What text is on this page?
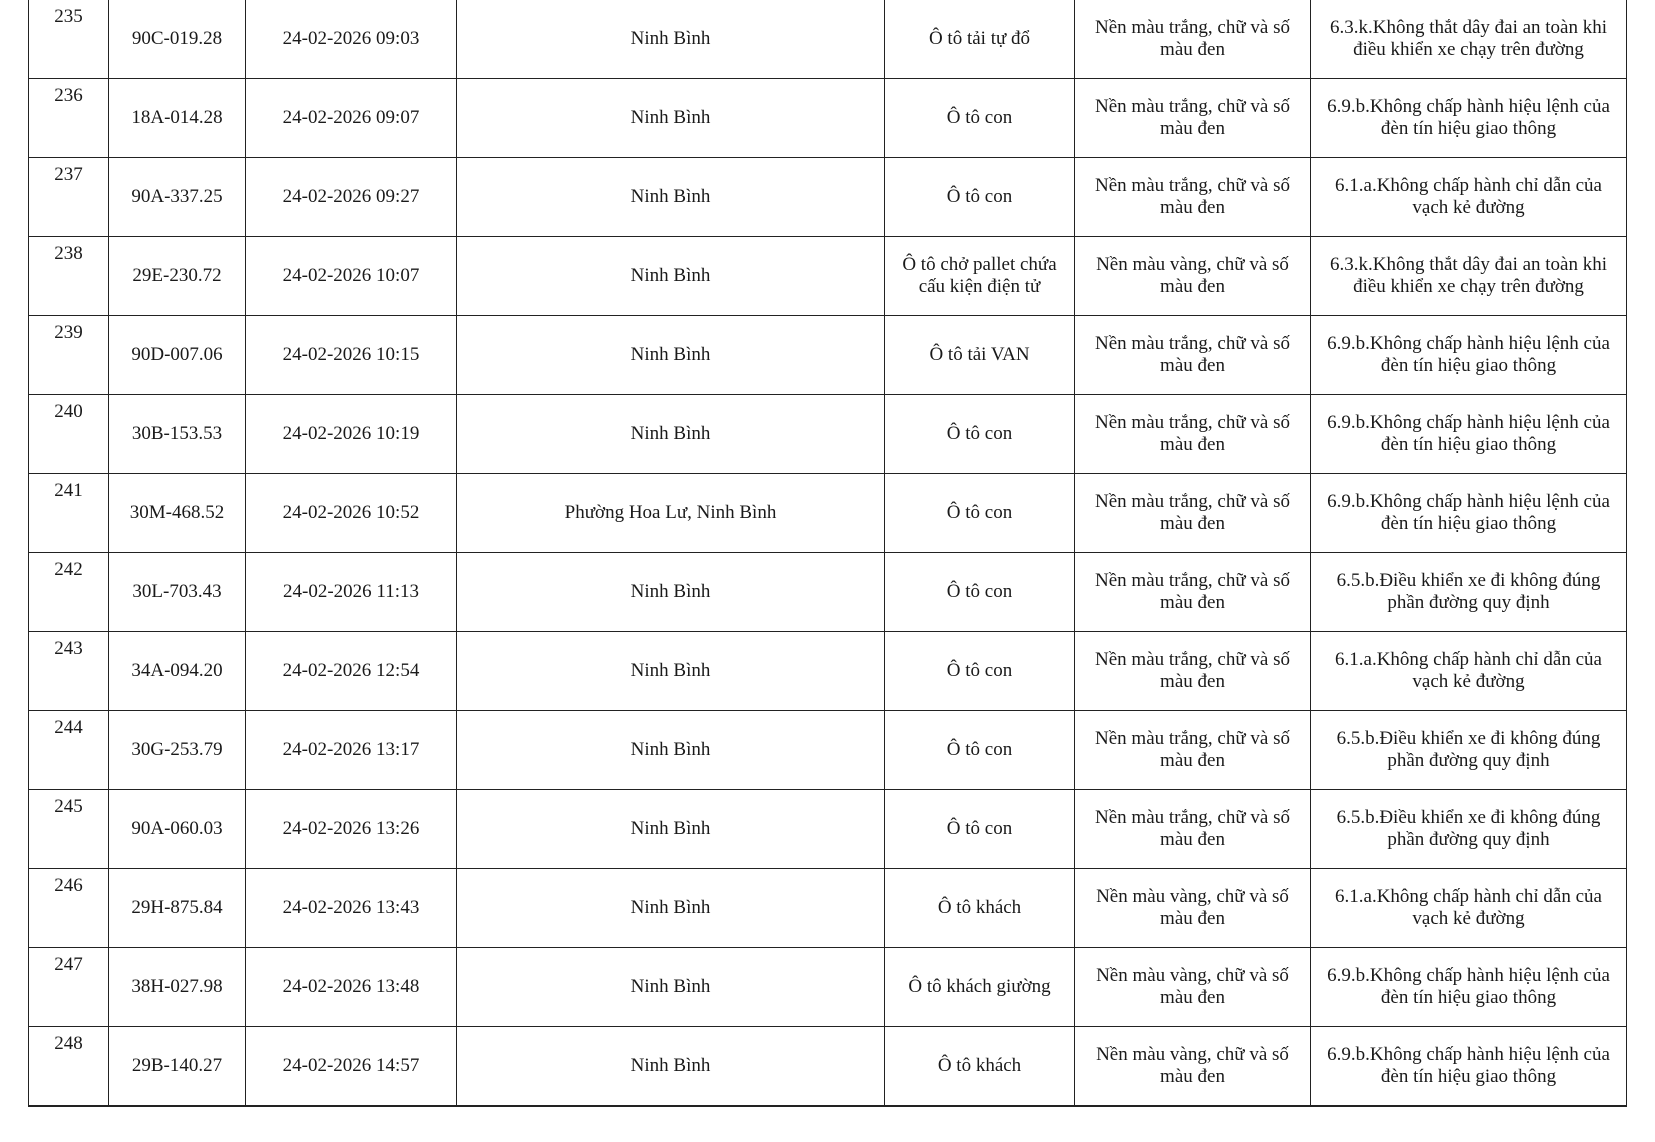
235	90C-019.28	24-02-2026 09:03	Ninh Bình	Ô tô tải tự đổ	Nền màu trắng, chữ và số màu đen	6.3.k.Không thắt dây đai an toàn khi điều khiển xe chạy trên đường

236	18A-014.28	24-02-2026 09:07	Ninh Bình	Ô tô con	Nền màu trắng, chữ và số màu đen	6.9.b.Không chấp hành hiệu lệnh của đèn tín hiệu giao thông

237	90A-337.25	24-02-2026 09:27	Ninh Bình	Ô tô con	Nền màu trắng, chữ và số màu đen	6.1.a.Không chấp hành chỉ dẫn của vạch kẻ đường

238	29E-230.72	24-02-2026 10:07	Ninh Bình	Ô tô chở pallet chứa cấu kiện điện tử	Nền màu vàng, chữ và số màu đen	6.3.k.Không thắt dây đai an toàn khi điều khiển xe chạy trên đường

239	90D-007.06	24-02-2026 10:15	Ninh Bình	Ô tô tải VAN	Nền màu trắng, chữ và số màu đen	6.9.b.Không chấp hành hiệu lệnh của đèn tín hiệu giao thông

240	30B-153.53	24-02-2026 10:19	Ninh Bình	Ô tô con	Nền màu trắng, chữ và số màu đen	6.9.b.Không chấp hành hiệu lệnh của đèn tín hiệu giao thông

241	30M-468.52	24-02-2026 10:52	Phường Hoa Lư, Ninh Bình	Ô tô con	Nền màu trắng, chữ và số màu đen	6.9.b.Không chấp hành hiệu lệnh của đèn tín hiệu giao thông

242	30L-703.43	24-02-2026 11:13	Ninh Bình	Ô tô con	Nền màu trắng, chữ và số màu đen	6.5.b.Điều khiển xe đi không đúng phần đường quy định

243	34A-094.20	24-02-2026 12:54	Ninh Bình	Ô tô con	Nền màu trắng, chữ và số màu đen	6.1.a.Không chấp hành chỉ dẫn của vạch kẻ đường

244	30G-253.79	24-02-2026 13:17	Ninh Bình	Ô tô con	Nền màu trắng, chữ và số màu đen	6.5.b.Điều khiển xe đi không đúng phần đường quy định

245	90A-060.03	24-02-2026 13:26	Ninh Bình	Ô tô con	Nền màu trắng, chữ và số màu đen	6.5.b.Điều khiển xe đi không đúng phần đường quy định

246	29H-875.84	24-02-2026 13:43	Ninh Bình	Ô tô khách	Nền màu vàng, chữ và số màu đen	6.1.a.Không chấp hành chỉ dẫn của vạch kẻ đường

247	38H-027.98	24-02-2026 13:48	Ninh Bình	Ô tô khách giường	Nền màu vàng, chữ và số màu đen	6.9.b.Không chấp hành hiệu lệnh của đèn tín hiệu giao thông

248	29B-140.27	24-02-2026 14:57	Ninh Bình	Ô tô khách	Nền màu vàng, chữ và số màu đen	6.9.b.Không chấp hành hiệu lệnh của đèn tín hiệu giao thông
